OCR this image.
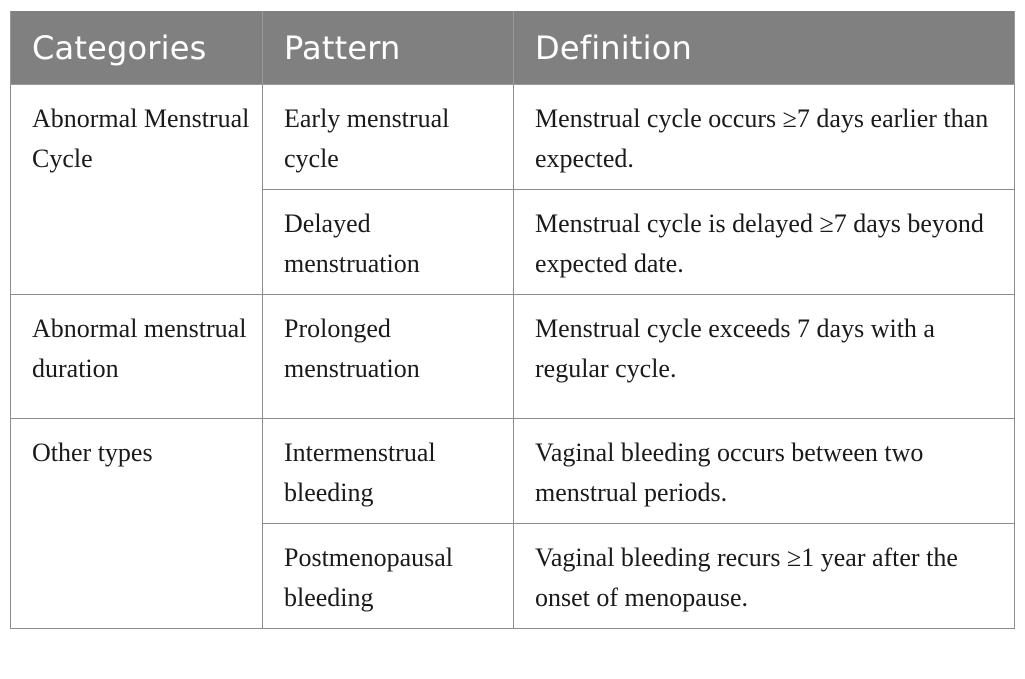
Categories	Pattern	Definition
Abnormal Menstrual Cycle	Early menstrual cycle	Menstrual cycle occurs ≥7 days earlier than expected.
	Delayed menstruation	Menstrual cycle is delayed ≥7 days beyond expected date.
Abnormal menstrual duration	Prolonged menstruation	Menstrual cycle exceeds 7 days with a regular cycle.
Other types	Intermenstrual bleeding	Vaginal bleeding occurs between two menstrual periods.
	Postmenopausal bleeding	Vaginal bleeding recurs ≥1 year after the onset of menopause.
